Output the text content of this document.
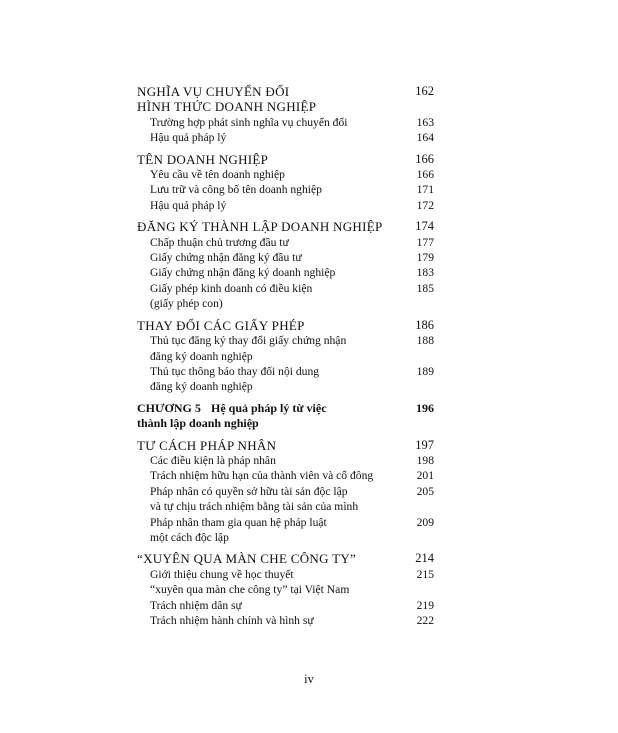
NGHĨA VỤ CHUYỂN ĐỔI	162
HÌNH THỨC DOANH NGHIỆP
Trường hợp phát sinh nghĩa vụ chuyển đổi	163
Hậu quả pháp lý	164
TÊN DOANH NGHIỆP	166
Yêu cầu về tên doanh nghiệp	166
Lưu trữ và công bố tên doanh nghiệp	171
Hậu quả pháp lý	172
ĐĂNG KÝ THÀNH LẬP DOANH NGHIỆP	174
Chấp thuận chủ trương đầu tư	177
Giấy chứng nhận đăng ký đầu tư	179
Giấy chứng nhận đăng ký doanh nghiệp	183
Giấy phép kinh doanh có điều kiện	185
(giấy phép con)
THAY ĐỔI CÁC GIẤY PHÉP	186
Thủ tục đăng ký thay đổi giấy chứng nhận	188
đăng ký doanh nghiệp
Thủ tục thông báo thay đổi nội dung	189
đăng ký doanh nghiệp
CHƯƠNG 5 Hệ quả pháp lý từ việc	196
thành lập doanh nghiệp
TƯ CÁCH PHÁP NHÂN	197
Các điều kiện là pháp nhân	198
Trách nhiệm hữu hạn của thành viên và cổ đông	201
Pháp nhân có quyền sở hữu tài sản độc lập	205
và tự chịu trách nhiệm bằng tài sản của mình
Pháp nhân tham gia quan hệ pháp luật	209
một cách độc lập
“XUYÊN QUA MÀN CHE CÔNG TY”	214
Giới thiệu chung về học thuyết	215
“xuyên qua màn che công ty” tại Việt Nam
Trách nhiệm dân sự	219
Trách nhiệm hành chính và hình sự	222
iv
